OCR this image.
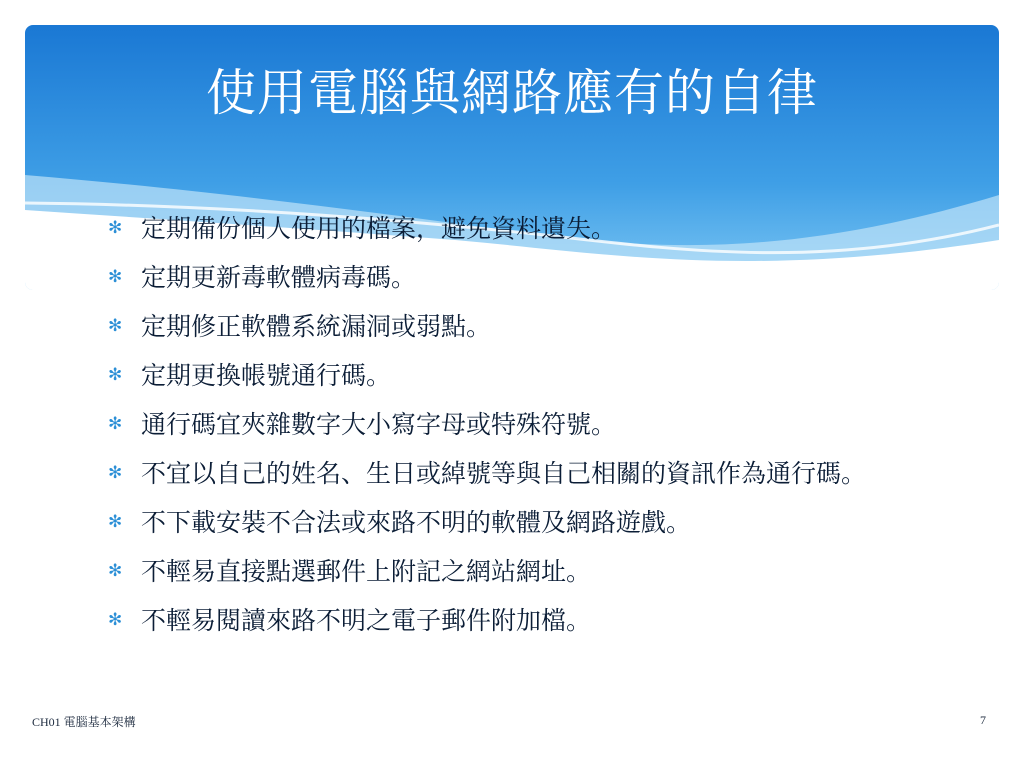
使用電腦與網路應有的自律
✻ 定期備份個人使用的檔案，避免資料遺失。
✻ 定期更新毒軟體病毒碼。
✻ 定期修正軟體系統漏洞或弱點。
✻ 定期更換帳號通行碼。
✻ 通行碼宜夾雜數字大小寫字母或特殊符號。
✻ 不宜以自己的姓名、生日或綽號等與自己相關的資訊作為通行碼。
✻ 不下載安裝不合法或來路不明的軟體及網路遊戲。
✻ 不輕易直接點選郵件上附記之網站網址。
✻ 不輕易閱讀來路不明之電子郵件附加檔。
CH01 電腦基本架構	7
